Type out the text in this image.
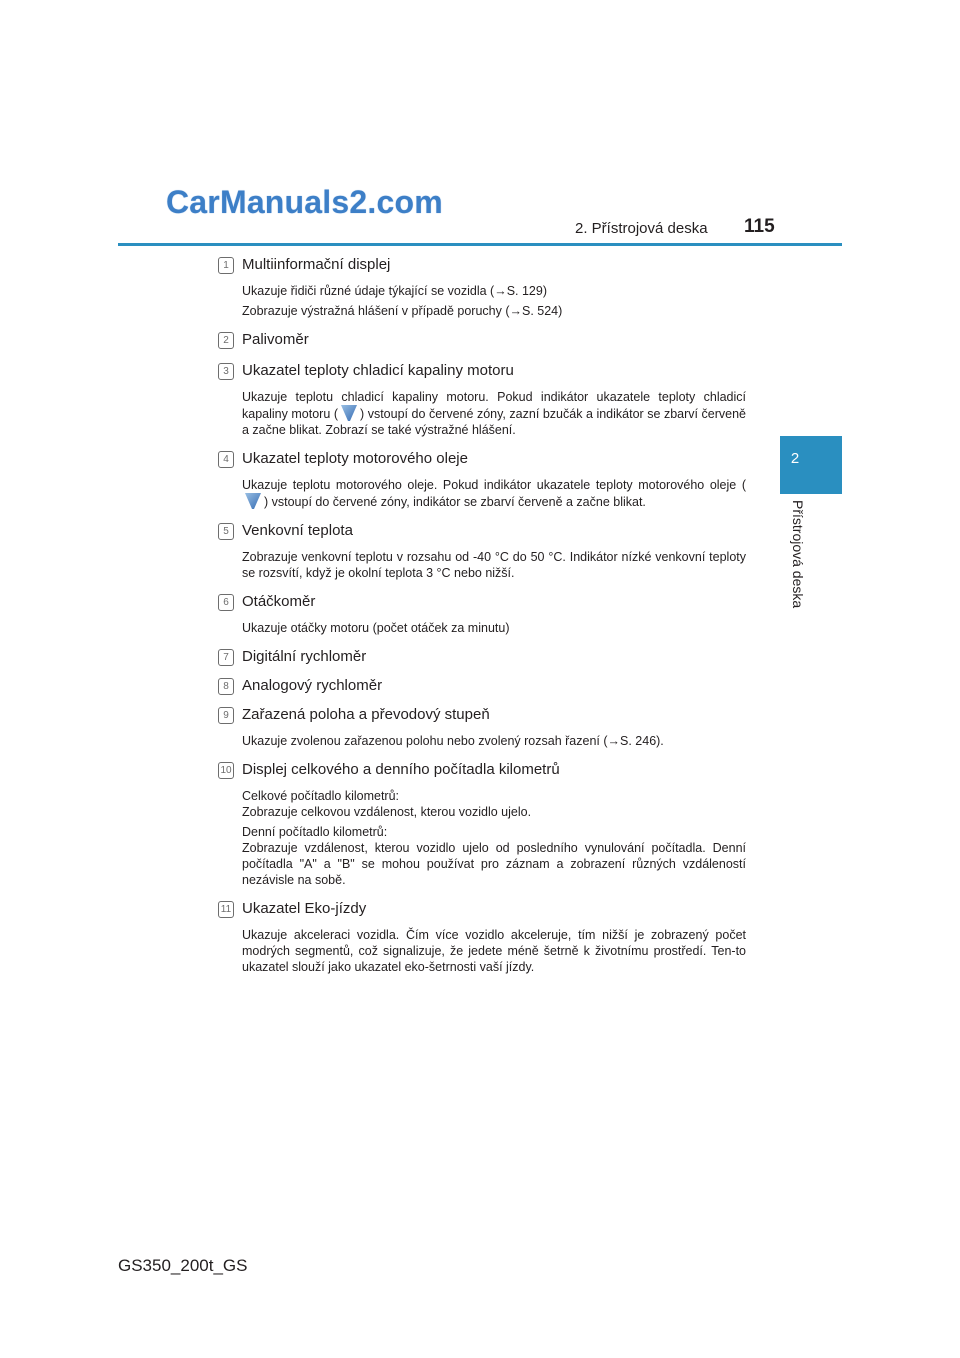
CarManuals2.com
2. Přístrojová deska 115
2
Přístrojová deska
1 Multiinformační displej
Ukazuje řidiči různé údaje týkající se vozidla (→S. 129)
Zobrazuje výstražná hlášení v případě poruchy (→S. 524)
2 Palivoměr
3 Ukazatel teploty chladicí kapaliny motoru
Ukazuje teplotu chladicí kapaliny motoru. Pokud indikátor ukazatele teploty chladicí kapaliny motoru ( ) vstoupí do červené zóny, zazní bzučák a indikátor se zbarví červeně a začne blikat. Zobrazí se také výstražné hlášení.
4 Ukazatel teploty motorového oleje
Ukazuje teplotu motorového oleje. Pokud indikátor ukazatele teploty motorového oleje () vstoupí do červené zóny, indikátor se zbarví červeně a začne blikat.
5 Venkovní teplota
Zobrazuje venkovní teplotu v rozsahu od -40 °C do 50 °C. Indikátor nízké venkovní teploty se rozsvítí, když je okolní teplota 3 °C nebo nižší.
6 Otáčkoměr
Ukazuje otáčky motoru (počet otáček za minutu)
7 Digitální rychloměr
8 Analogový rychloměr
9 Zařazená poloha a převodový stupeň
Ukazuje zvolenou zařazenou polohu nebo zvolený rozsah řazení (→S. 246).
10 Displej celkového a denního počítadla kilometrů
Celkové počítadlo kilometrů:
Zobrazuje celkovou vzdálenost, kterou vozidlo ujelo.
Denní počítadlo kilometrů:
Zobrazuje vzdálenost, kterou vozidlo ujelo od posledního vynulování počítadla. Denní počítadla "A" a "B" se mohou používat pro záznam a zobrazení různých vzdáleností nezávisle na sobě.
11 Ukazatel Eko-jízdy
Ukazuje akceleraci vozidla. Čím více vozidlo akceleruje, tím nižší je zobrazený počet modrých segmentů, což signalizuje, že jedete méně šetrně k životnímu prostředí. Ten-to ukazatel slouží jako ukazatel eko-šetrnosti vaší jízdy.
GS350_200t_GS
